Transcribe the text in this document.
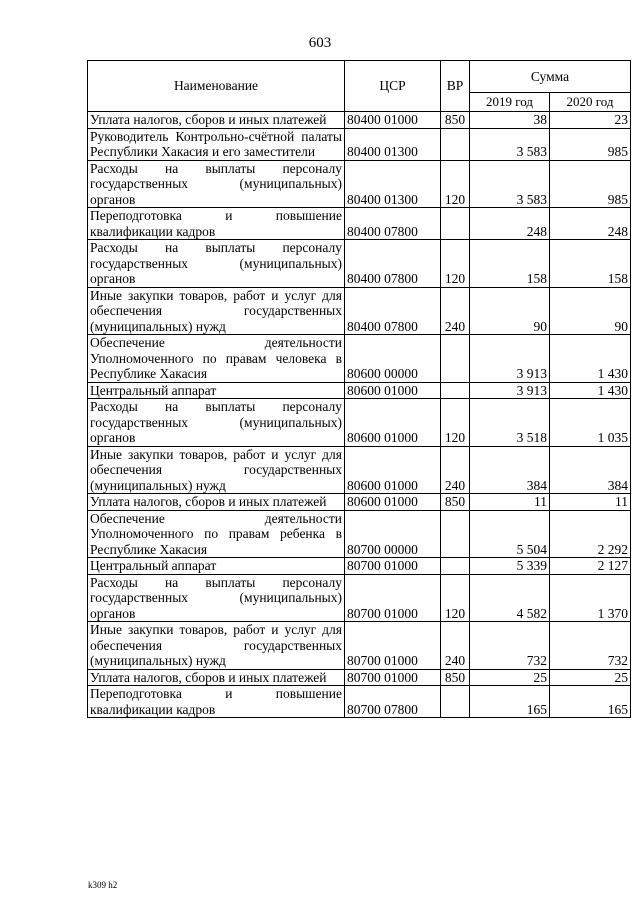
603
Наименование	ЦСР	ВР	Сумма	
			2019 год	2020 год
Уплата налогов, сборов и иных платежей	80400 01000	850	38	23
Руководитель Контрольно-счётной палаты Республики Хакасия и его заместители	80400 01300		3 583	985
Расходы на выплаты персоналу государственных (муниципальных) органов	80400 01300	120	3 583	985
Переподготовка и повышение квалификации кадров	80400 07800		248	248
Расходы на выплаты персоналу государственных (муниципальных) органов	80400 07800	120	158	158
Иные закупки товаров, работ и услуг для обеспечения государственных (муниципальных) нужд	80400 07800	240	90	90
Обеспечение деятельности Уполномоченного по правам человека в Республике Хакасия	80600 00000		3 913	1 430
Центральный аппарат	80600 01000		3 913	1 430
Расходы на выплаты персоналу государственных (муниципальных) органов	80600 01000	120	3 518	1 035
Иные закупки товаров, работ и услуг для обеспечения государственных (муниципальных) нужд	80600 01000	240	384	384
Уплата налогов, сборов и иных платежей	80600 01000	850	11	11
Обеспечение деятельности Уполномоченного по правам ребенка в Республике Хакасия	80700 00000		5 504	2 292
Центральный аппарат	80700 01000		5 339	2 127
Расходы на выплаты персоналу государственных (муниципальных) органов	80700 01000	120	4 582	1 370
Иные закупки товаров, работ и услуг для обеспечения государственных (муниципальных) нужд	80700 01000	240	732	732
Уплата налогов, сборов и иных платежей	80700 01000	850	25	25
Переподготовка и повышение квалификации кадров	80700 07800		165	165
k309 h2
